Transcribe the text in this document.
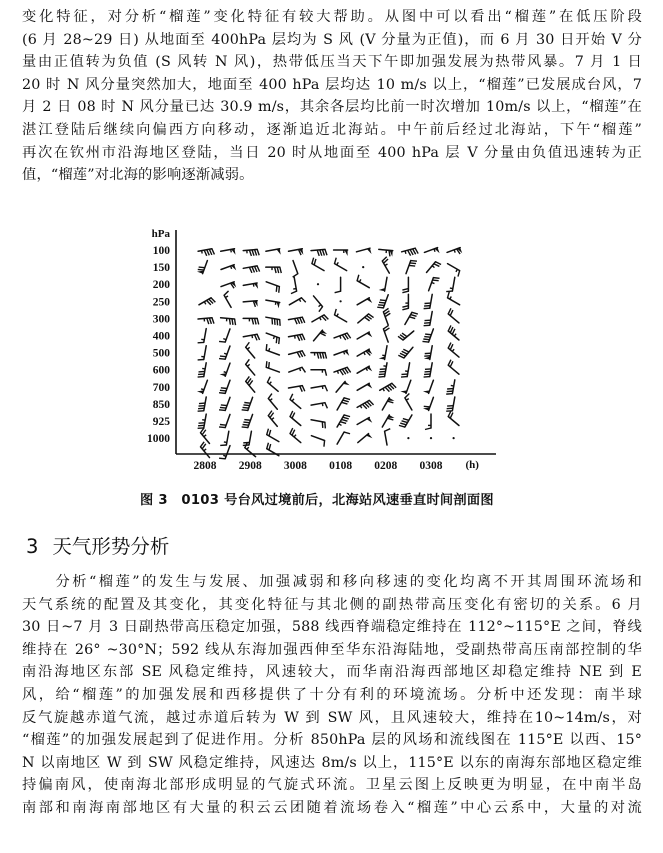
变化特征，对分析“榴莲”变化特征有较大帮助。从图中可以看出“榴莲”在低压阶段
(6 月 28~29 日) 从地面至 400hPa 层均为 S 风 (V 分量为正值)，而 6 月 30 日开始 V 分
量由正值转为负值 (S 风转 N 风)，热带低压当天下午即加强发展为热带风暴。7 月 1 日
20 时 N 风分量突然加大，地面至 400 hPa 层均达 10 m/s 以上，“榴莲”已发展成台风，7
月 2 日 08 时 N 风分量已达 30.9 m/s，其余各层均比前一时次增加 10m/s 以上，“榴莲”在
湛江登陆后继续向偏西方向移动，逐渐追近北海站。中午前后经过北海站，下午“榴莲”
再次在钦州市沿海地区登陆，当日 20 时从地面至 400 hPa 层 V 分量由负值迅速转为正
值，“榴莲”对北海的影响逐渐减弱。
hPa
100
150
200
250
300
400
500
600
700
850
925
1000
2808 2908 3008 0108 0208 0308 (h)
图 3　0103 号台风过境前后，北海站风速垂直时间剖面图
3 天气形势分析
　　分析“榴莲”的发生与发展、加强减弱和移向移速的变化均离不开其周围环流场和
天气系统的配置及其变化，其变化特征与其北侧的副热带高压变化有密切的关系。6 月
30 日~7 月 3 日副热带高压稳定加强，588 线西脊端稳定维持在 112°~115°E 之间，脊线
维持在 26° ~30°N；592 线从东海加强西伸至华东沿海陆地，受副热带高压南部控制的华
南沿海地区东部 SE 风稳定维持，风速较大，而华南沿海西部地区却稳定维持 NE 到 E
风，给“榴莲”的加强发展和西移提供了十分有利的环境流场。分析中还发现：南半球
反气旋越赤道气流，越过赤道后转为 W 到 SW 风，且风速较大，维持在10~14m/s，对
“榴莲”的加强发展起到了促进作用。分析 850hPa 层的风场和流线图在 115°E 以西、15°
N 以南地区 W 到 SW 风稳定维持，风速达 8m/s 以上，115°E 以东的南海东部地区稳定维
持偏南风，使南海北部形成明显的气旋式环流。卫星云图上反映更为明显，在中南半岛
南部和南海南部地区有大量的积云云团随着流场卷入“榴莲”中心云系中，大量的对流
